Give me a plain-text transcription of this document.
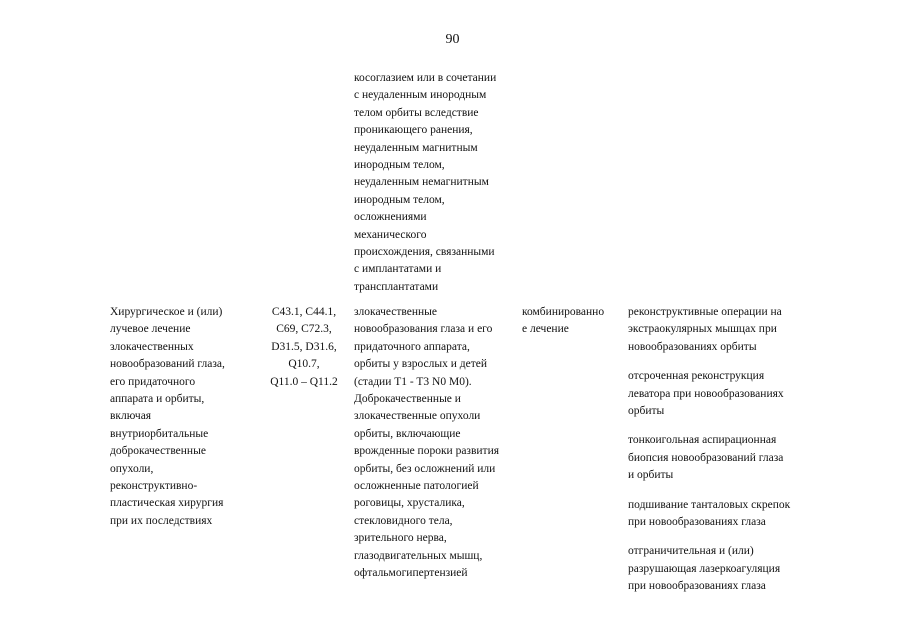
90
косоглазием или в сочетании
с неудаленным инородным
телом орбиты вследствие
проникающего ранения,
неудаленным магнитным
инородным телом,
неудаленным немагнитным
инородным телом,
осложнениями
механического
происхождения, связанными
с имплантатами и
трансплантатами
Хирургическое и (или)
лучевое лечение
злокачественных
новообразований глаза,
его придаточного
аппарата и орбиты,
включая
внутриорбитальные
доброкачественные
опухоли,
реконструктивно-
пластическая хирургия
при их последствиях
C43.1, C44.1,
C69, C72.3,
D31.5, D31.6,
Q10.7,
Q11.0 – Q11.2
злокачественные
новообразования глаза и его
придаточного аппарата,
орбиты у взрослых и детей
(стадии T1 - T3 N0 M0).
Доброкачественные и
злокачественные опухоли
орбиты, включающие
врожденные пороки развития
орбиты, без осложнений или
осложненные патологией
роговицы, хрусталика,
стекловидного тела,
зрительного нерва,
глазодвигательных мышц,
офтальмогипертензией
комбинированно
е лечение
реконструктивные операции на
экстраокулярных мышцах при
новообразованиях орбиты
отсроченная реконструкция
леватора при новообразованиях
орбиты
тонкоигольная аспирационная
биопсия новообразований глаза
и орбиты
подшивание танталовых скрепок
при новообразованиях глаза
отграничительная и (или)
разрушающая лазеркоагуляция
при новообразованиях глаза
